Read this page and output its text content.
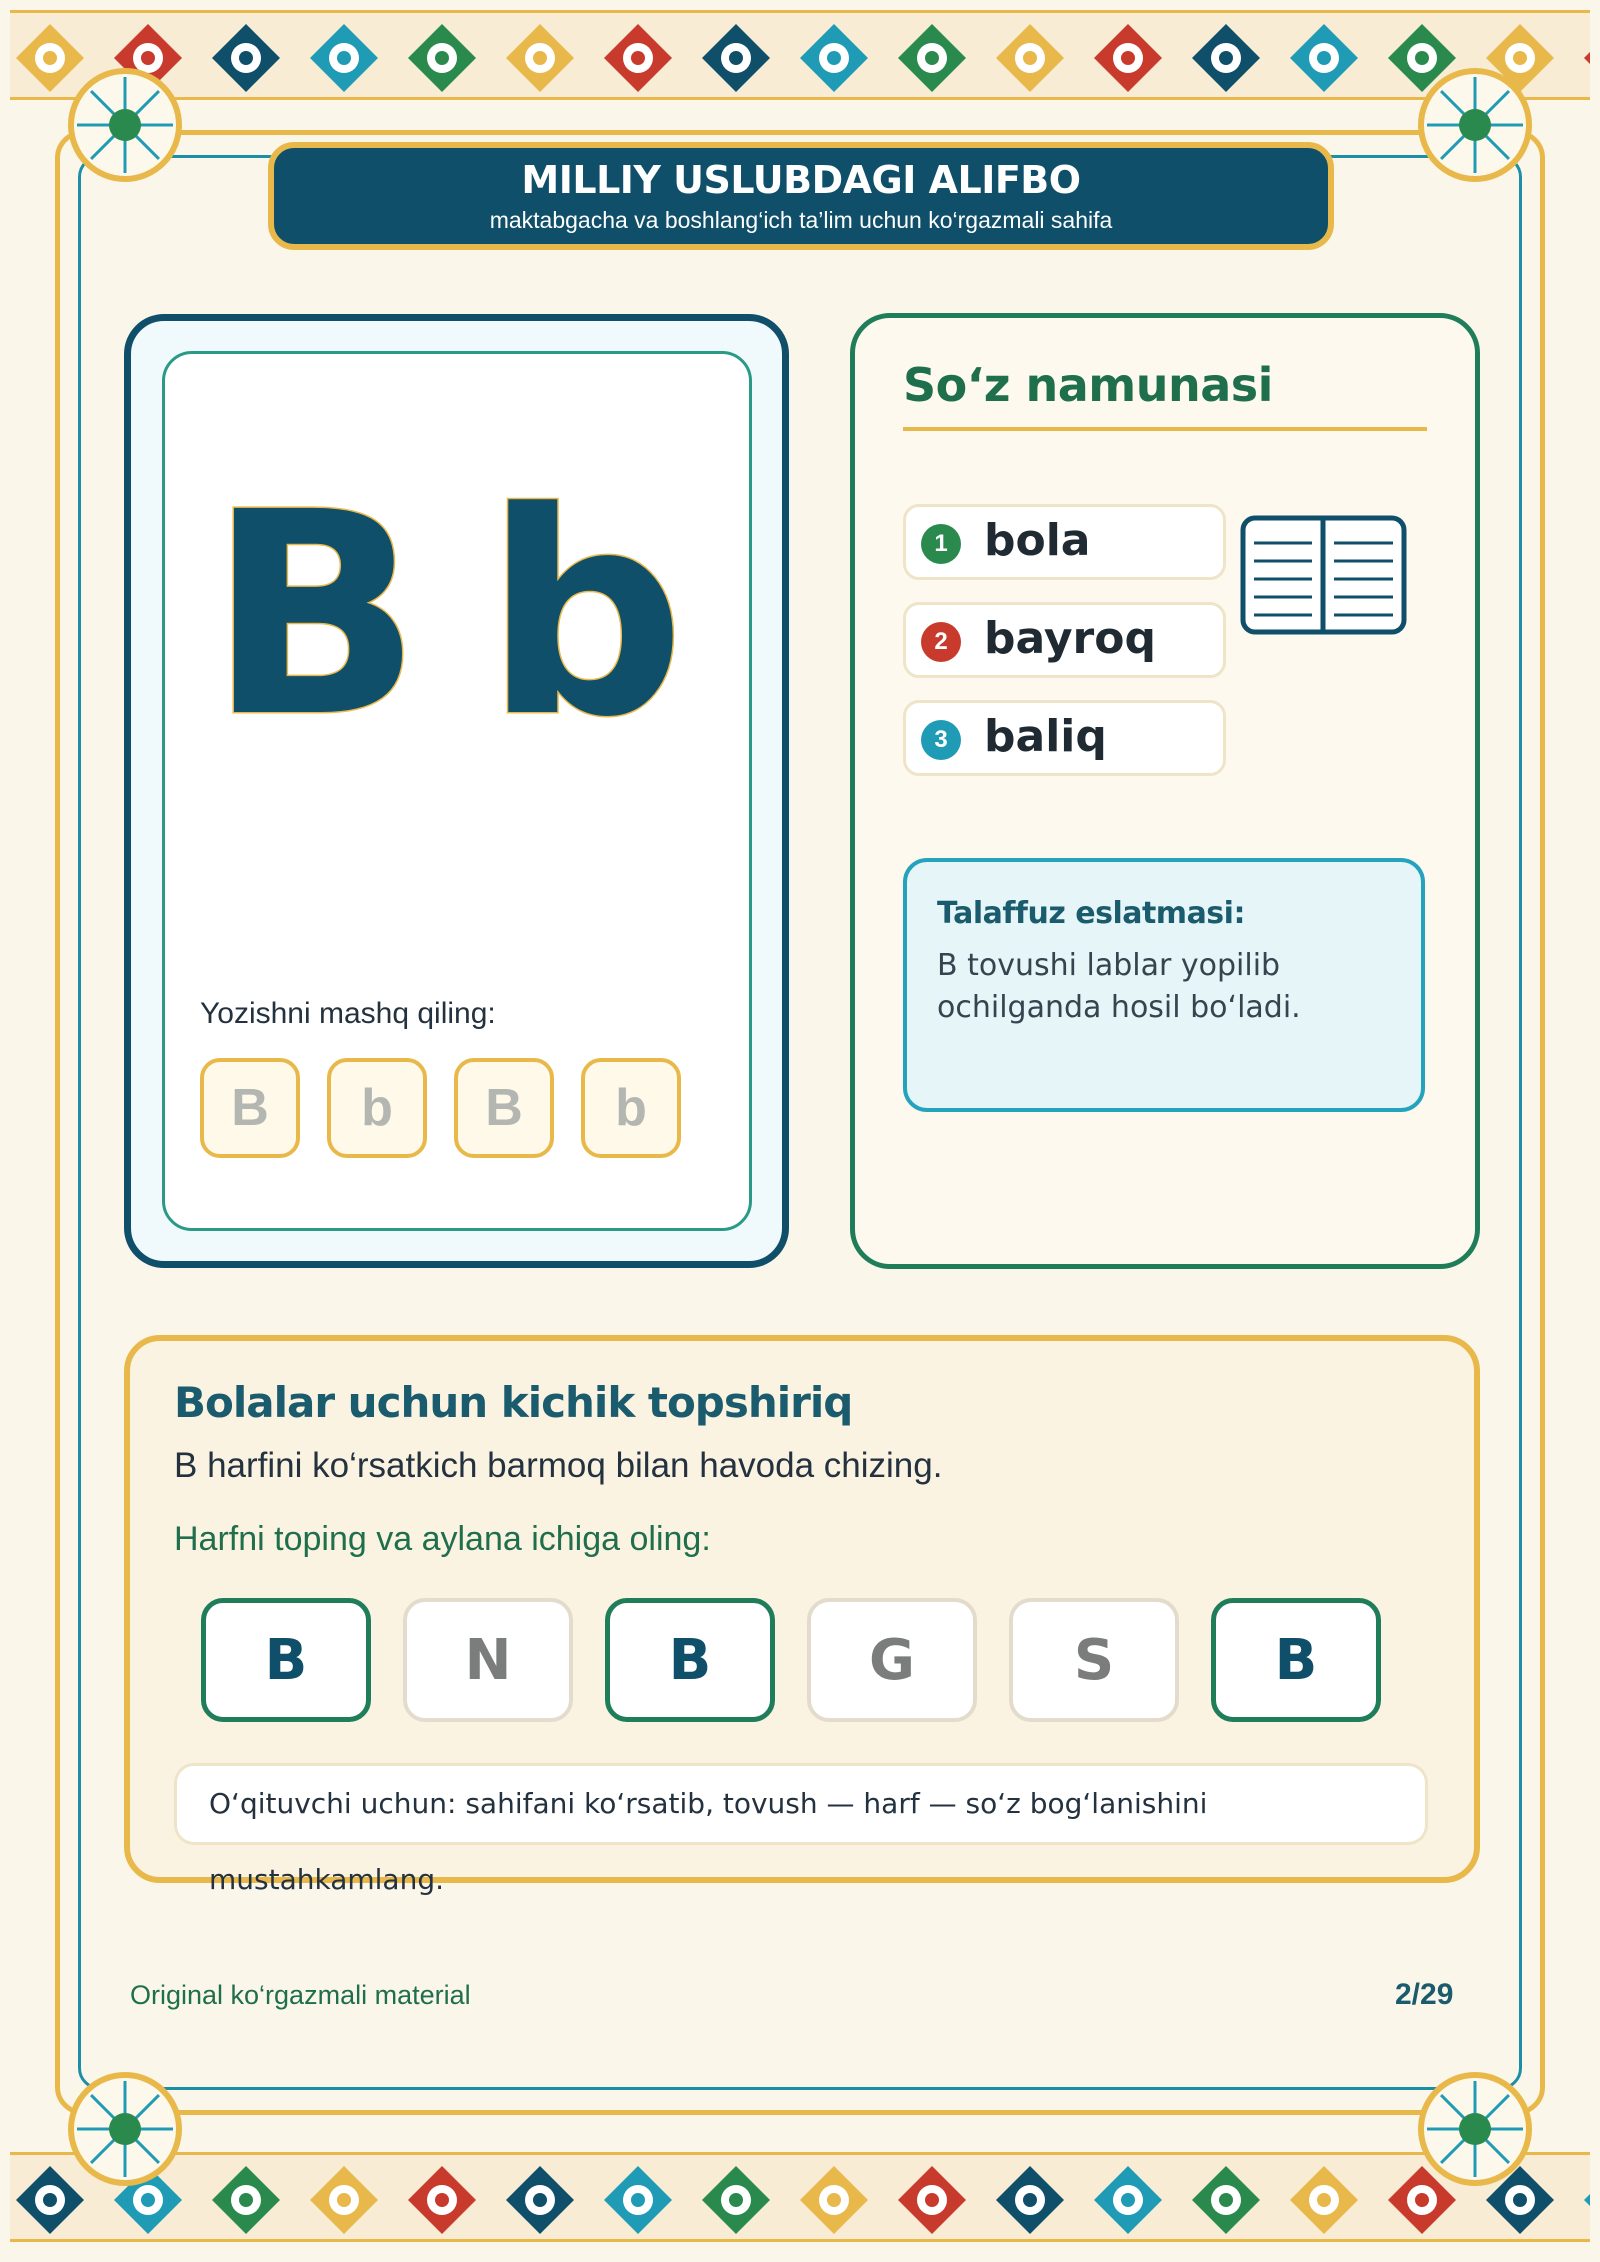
MILLIY USLUBDAGI ALIFBO
maktabgacha va boshlang‘ich ta’lim uchun ko‘rgazmali sahifa
B b
Yozishni mashq qiling:
B	b	B	b
So‘z namunasi
1 bola
2 bayroq
3 baliq
Talaffuz eslatmasi:
B tovushi lablar yopilib ochilganda hosil bo‘ladi.
Bolalar uchun kichik topshiriq
B harfini ko‘rsatkich barmoq bilan havoda chizing.
Harfni toping va aylana ichiga oling:
B	N	B	G	S	B
O‘qituvchi uchun: sahifani ko‘rsatib, tovush — harf — so‘z bog‘lanishini mustahkamlang.
Original ko‘rgazmali material	2/29
